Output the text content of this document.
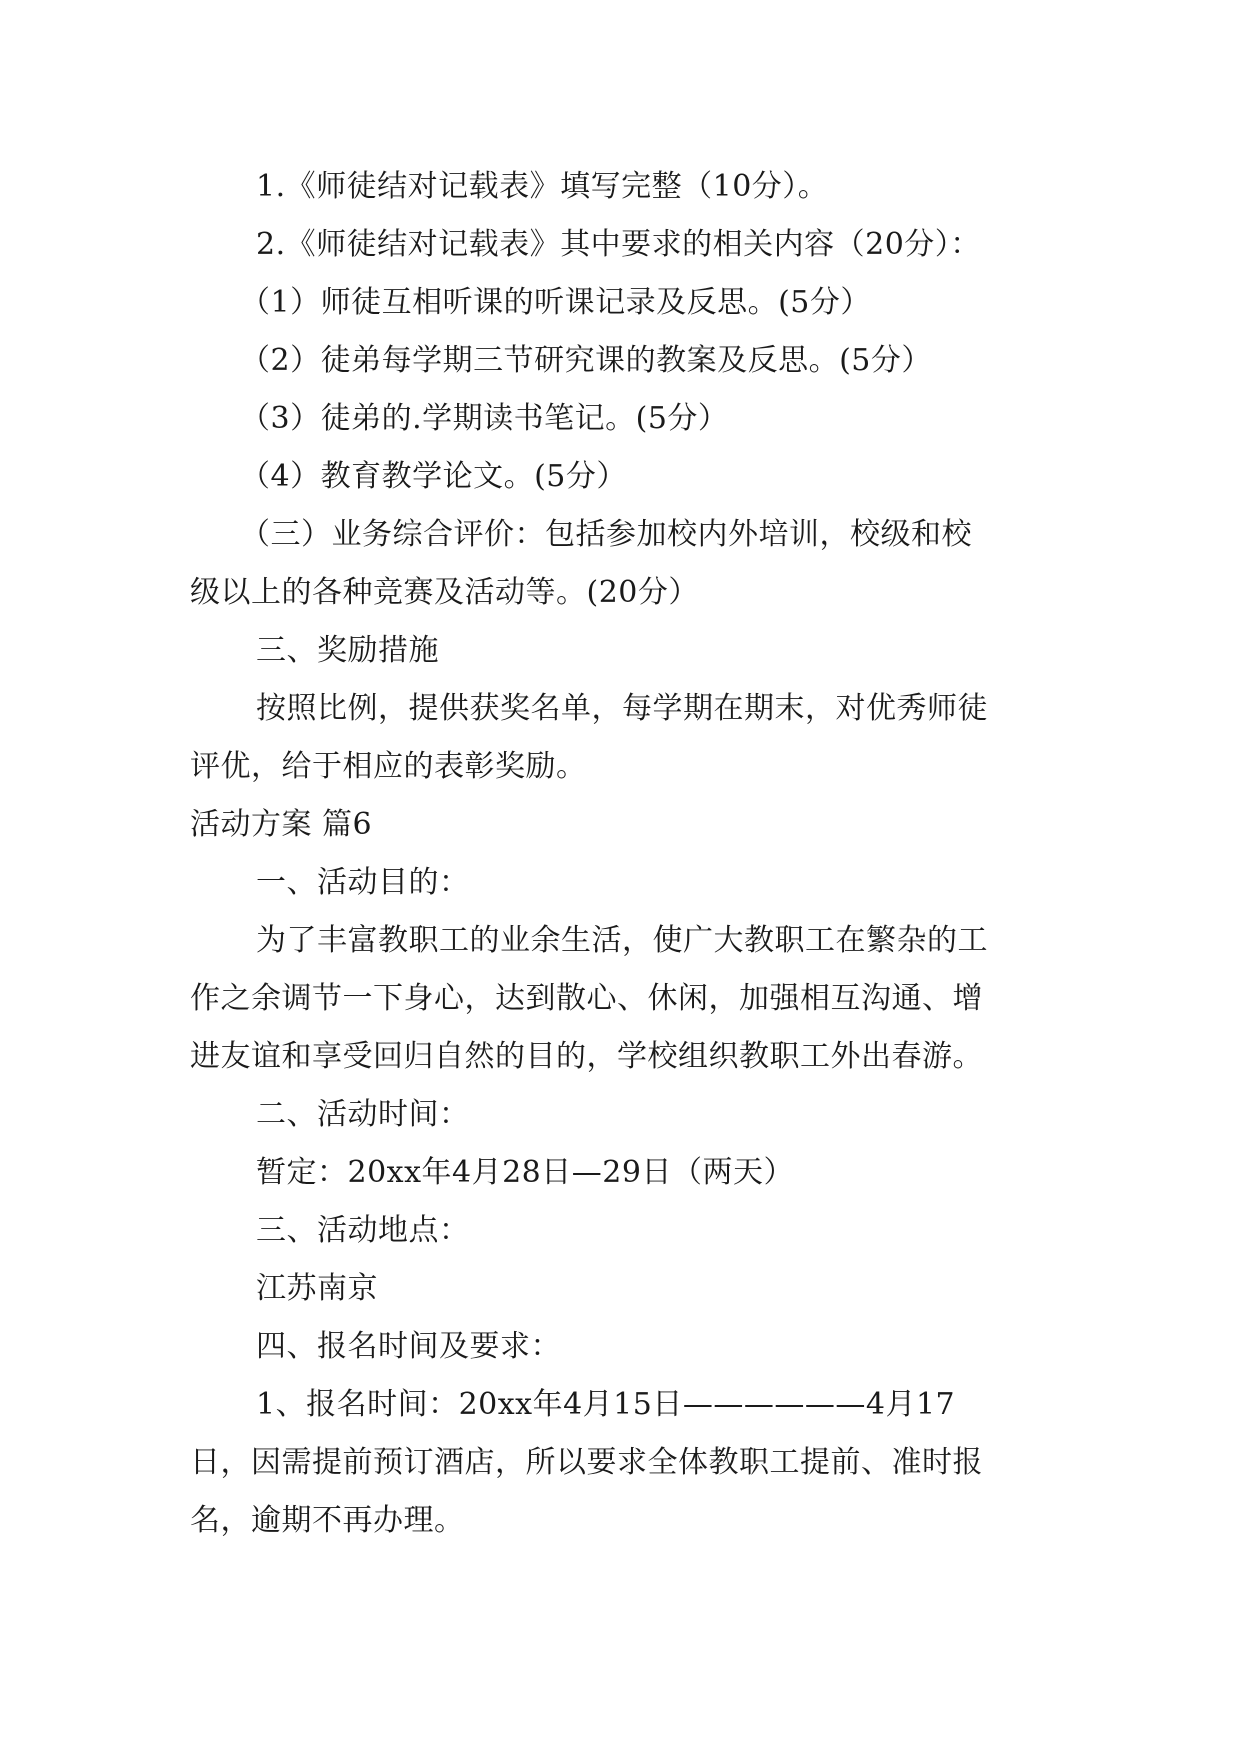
1.《师徒结对记载表》填写完整（10分）。
2.《师徒结对记载表》其中要求的相关内容（20分）：
（1）师徒互相听课的听课记录及反思。(5分）
（2）徒弟每学期三节研究课的教案及反思。(5分）
（3）徒弟的.学期读书笔记。(5分）
（4）教育教学论文。(5分）
（三）业务综合评价：包括参加校内外培训，校级和校
级以上的各种竞赛及活动等。(20分）
三、奖励措施
按照比例，提供获奖名单，每学期在期末，对优秀师徒
评优，给于相应的表彰奖励。
活动方案 篇6
一、活动目的：
为了丰富教职工的业余生活，使广大教职工在繁杂的工
作之余调节一下身心，达到散心、休闲，加强相互沟通、增
进友谊和享受回归自然的目的，学校组织教职工外出春游。
二、活动时间：
暂定：20xx年4月28日—29日（两天）
三、活动地点：
江苏南京
四、报名时间及要求：
1、报名时间：20xx年4月15日——————4月17
日，因需提前预订酒店，所以要求全体教职工提前、准时报
名，逾期不再办理。
